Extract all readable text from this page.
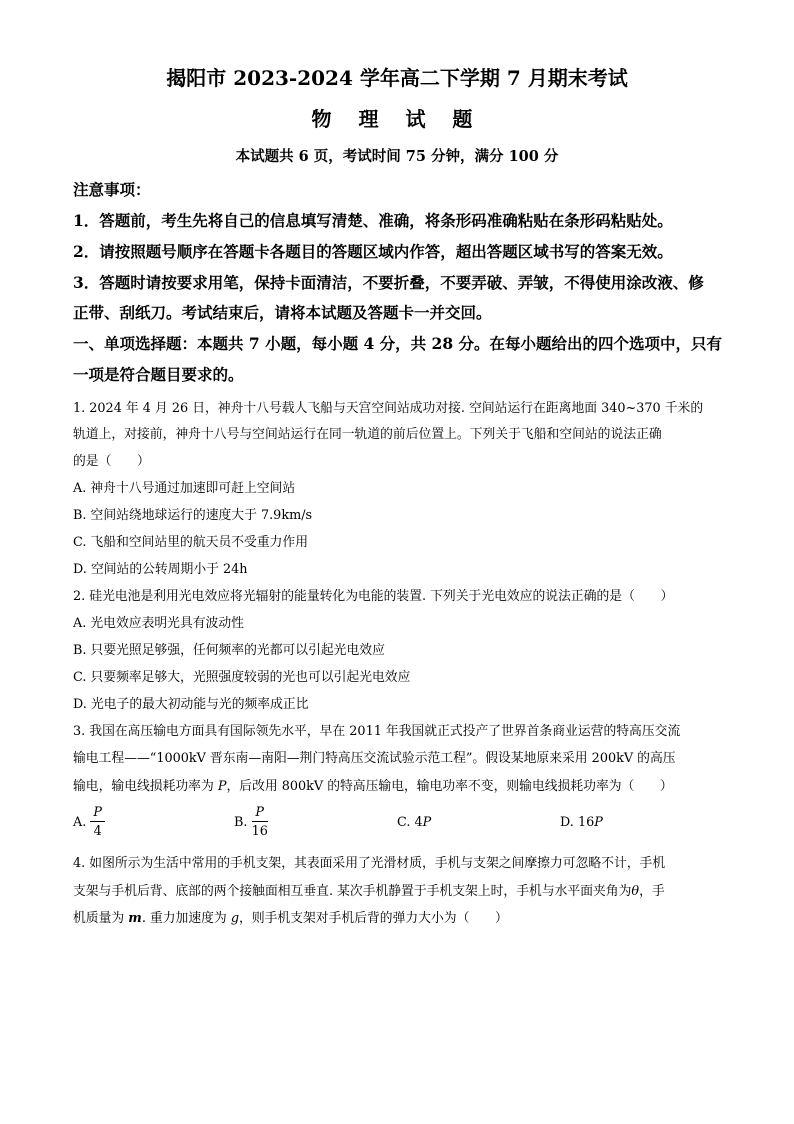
揭阳市 2023-2024 学年高二下学期 7 月期末考试
物 理 试 题
本试题共 6 页，考试时间 75 分钟，满分 100 分
注意事项：
1．答题前，考生先将自己的信息填写清楚、准确，将条形码准确粘贴在条形码粘贴处。
2．请按照题号顺序在答题卡各题目的答题区域内作答，超出答题区域书写的答案无效。
3．答题时请按要求用笔，保持卡面清洁，不要折叠，不要弄破、弄皱，不得使用涂改液、修
正带、刮纸刀。考试结束后，请将本试题及答题卡一并交回。
一、单项选择题：本题共 7 小题，每小题 4 分，共 28 分。在每小题给出的四个选项中，只有
一项是符合题目要求的。
1. 2024 年 4 月 26 日，神舟十八号载人飞船与天宫空间站成功对接. 空间站运行在距离地面 340~370 千米的
轨道上，对接前，神舟十八号与空间站运行在同一轨道的前后位置上。下列关于飞船和空间站的说法正确
的是（　　）
A. 神舟十八号通过加速即可赶上空间站
B. 空间站绕地球运行的速度大于 7.9km/s
C. 飞船和空间站里的航天员不受重力作用
D. 空间站的公转周期小于 24h
2. 硅光电池是利用光电效应将光辐射的能量转化为电能的装置. 下列关于光电效应的说法正确的是（　　）
A. 光电效应表明光具有波动性
B. 只要光照足够强，任何频率的光都可以引起光电效应
C. 只要频率足够大，光照强度较弱的光也可以引起光电效应
D. 光电子的最大初动能与光的频率成正比
3. 我国在高压输电方面具有国际领先水平，早在 2011 年我国就正式投产了世界首条商业运营的特高压交流
输电工程——“1000kV 晋东南—南阳—荆门特高压交流试验示范工程”。假设某地原来采用 200kV 的高压
输电，输电线损耗功率为 P，后改用 800kV 的特高压输电，输电功率不变，则输电线损耗功率为（　　）
A. $\frac{P}{4}$	B. $\frac{P}{16}$	C. 4P	D. 16P
4. 如图所示为生活中常用的手机支架，其表面采用了光滑材质，手机与支架之间摩擦力可忽略不计，手机
支架与手机后背、底部的两个接触面相互垂直. 某次手机静置于手机支架上时，手机与水平面夹角为θ，手
机质量为 m. 重力加速度为 g，则手机支架对手机后背的弹力大小为（　　）
